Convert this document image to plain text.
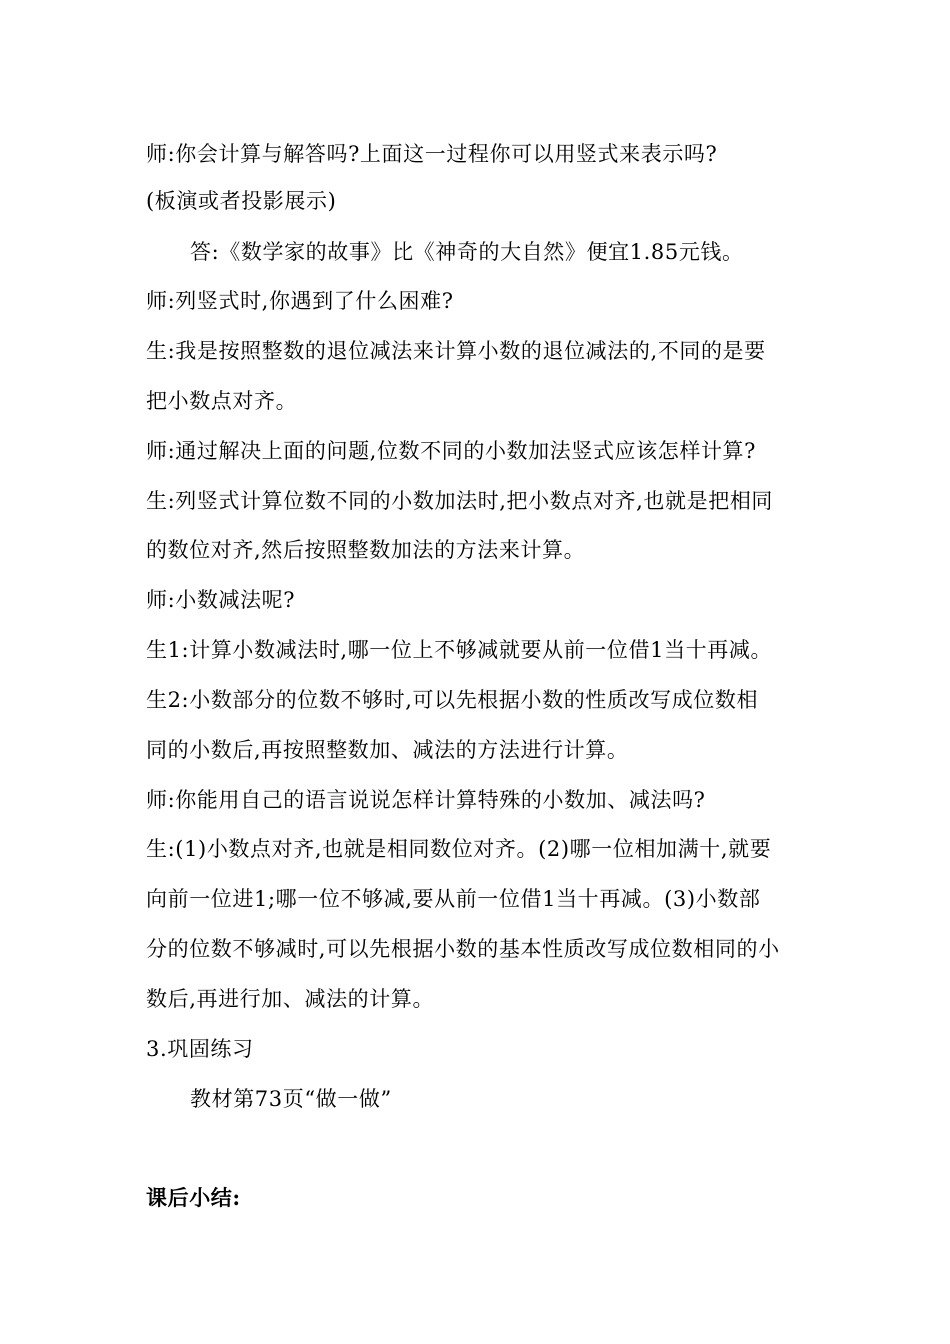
师:你会计算与解答吗?上面这一过程你可以用竖式来表示吗?
(板演或者投影展示)
答:《数学家的故事》比《神奇的大自然》便宜1.85元钱。
师:列竖式时,你遇到了什么困难?
生:我是按照整数的退位减法来计算小数的退位减法的,不同的是要
把小数点对齐。
师:通过解决上面的问题,位数不同的小数加法竖式应该怎样计算?
生:列竖式计算位数不同的小数加法时,把小数点对齐,也就是把相同
的数位对齐,然后按照整数加法的方法来计算。
师:小数减法呢?
生1:计算小数减法时,哪一位上不够减就要从前一位借1当十再减。
生2:小数部分的位数不够时,可以先根据小数的性质改写成位数相
同的小数后,再按照整数加、减法的方法进行计算。
师:你能用自己的语言说说怎样计算特殊的小数加、减法吗?
生:(1)小数点对齐,也就是相同数位对齐。(2)哪一位相加满十,就要
向前一位进1;哪一位不够减,要从前一位借1当十再减。(3)小数部
分的位数不够减时,可以先根据小数的基本性质改写成位数相同的小
数后,再进行加、减法的计算。
3.巩固练习
教材第73页“做一做”
课后小结:
